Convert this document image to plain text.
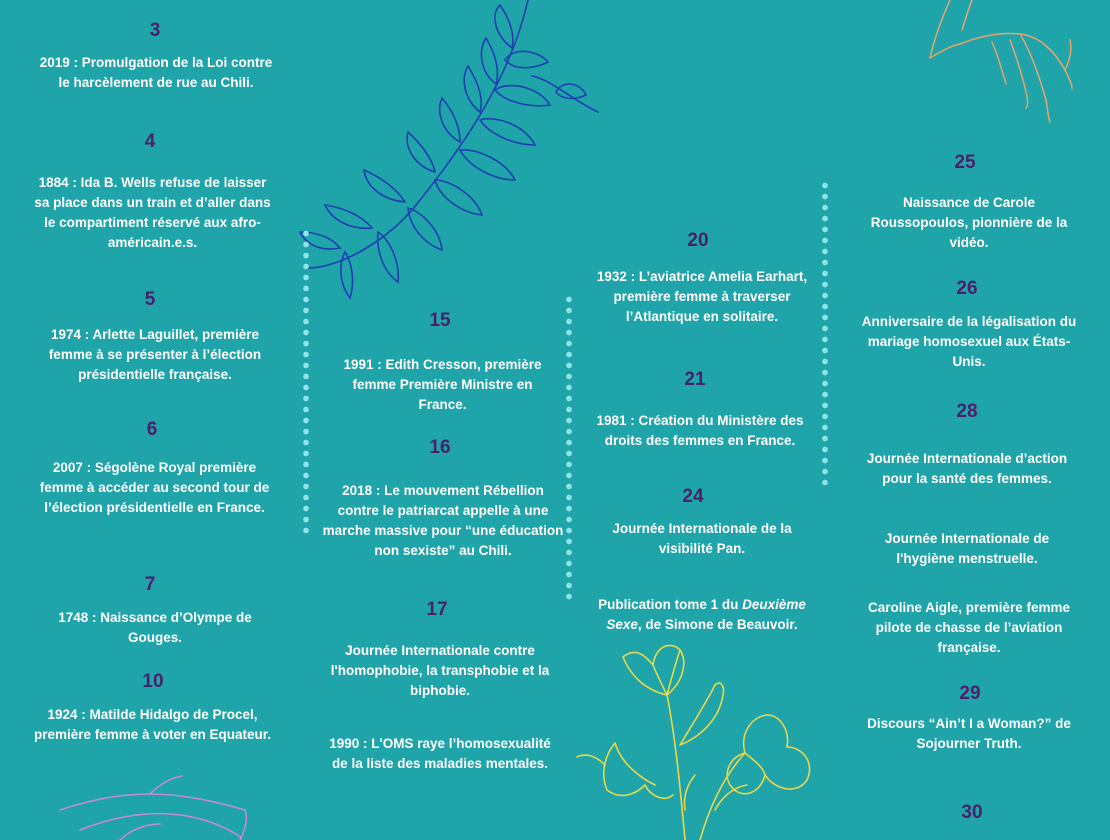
3
2019 : Promulgation de la Loi contre le harcèlement de rue au Chili.
4
1884 : Ida B. Wells refuse de laisser sa place dans un train et d’aller dans le compartiment réservé aux afro-américain.e.s.
5
1974 : Arlette Laguillet, première femme à se présenter à l’élection présidentielle française.
6
2007 : Ségolène Royal première femme à accéder au second tour de l’élection présidentielle en France.
7
1748 : Naissance d’Olympe de Gouges.
10
1924 : Matilde Hidalgo de Procel, première femme à voter en Equateur.
15
1991 : Edith Cresson, première femme Première Ministre en France.
16
2018 : Le mouvement Rébellion contre le patriarcat appelle à une marche massive pour “une éducation non sexiste” au Chili.
17
Journée Internationale contre l'homophobie, la transphobie et la biphobie.
1990 : L'OMS raye l’homosexualité de la liste des maladies mentales.
20
1932 : L’aviatrice Amelia Earhart, première femme à traverser l’Atlantique en solitaire.
21
1981 : Création du Ministère des droits des femmes en France.
24
Journée Internationale de la visibilité Pan.
Publication tome 1 du Deuxième Sexe, de Simone de Beauvoir.
25
Naissance de Carole Roussopoulos, pionnière de la vidéo.
26
Anniversaire de la légalisation du mariage homosexuel aux États-Unis.
28
Journée Internationale d’action pour la santé des femmes.
Journée Internationale de l'hygiène menstruelle.
Caroline Aigle, première femme pilote de chasse de l’aviation française.
29
Discours “Ain’t I a Woman?” de Sojourner Truth.
30
